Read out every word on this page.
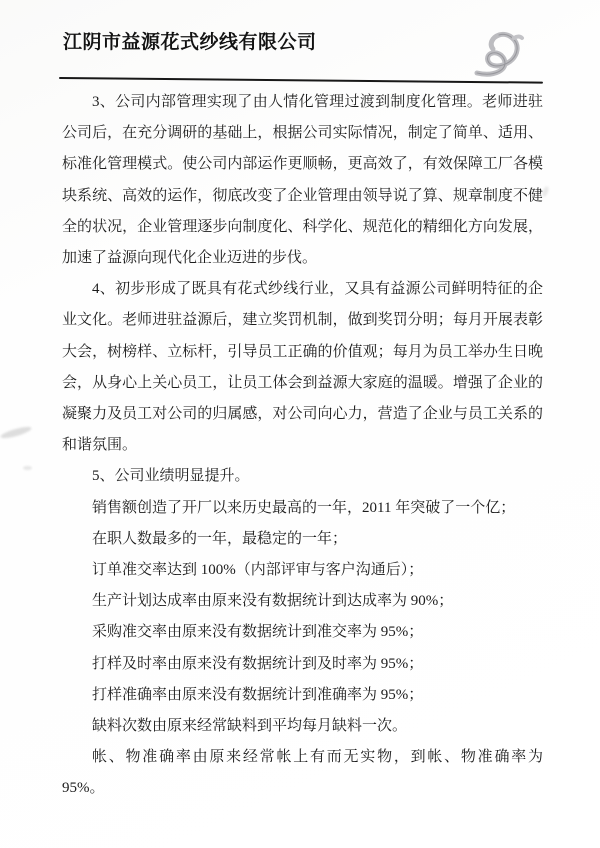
江阴市益源花式纱线有限公司

3、公司内部管理实现了由人情化管理过渡到制度化管理。老师进驻公司后，在充分调研的基础上，根据公司实际情况，制定了简单、适用、标准化管理模式。使公司内部运作更顺畅，更高效了，有效保障工厂各模块系统、高效的运作，彻底改变了企业管理由领导说了算、规章制度不健全的状况，企业管理逐步向制度化、科学化、规范化的精细化方向发展，加速了益源向现代化企业迈进的步伐。

4、初步形成了既具有花式纱线行业，又具有益源公司鲜明特征的企业文化。老师进驻益源后，建立奖罚机制，做到奖罚分明；每月开展表彰大会，树榜样、立标杆，引导员工正确的价值观；每月为员工举办生日晚会，从身心上关心员工，让员工体会到益源大家庭的温暖。增强了企业的凝聚力及员工对公司的归属感，对公司向心力，营造了企业与员工关系的和谐氛围。

5、公司业绩明显提升。

销售额创造了开厂以来历史最高的一年，2011 年突破了一个亿；

在职人数最多的一年，最稳定的一年；

订单准交率达到 100%（内部评审与客户沟通后）；

生产计划达成率由原来没有数据统计到达成率为 90%；

采购准交率由原来没有数据统计到准交率为 95%；

打样及时率由原来没有数据统计到及时率为 95%；

打样准确率由原来没有数据统计到准确率为 95%；

缺料次数由原来经常缺料到平均每月缺料一次。

帐、物准确率由原来经常帐上有而无实物，到帐、物准确率为 95%。
